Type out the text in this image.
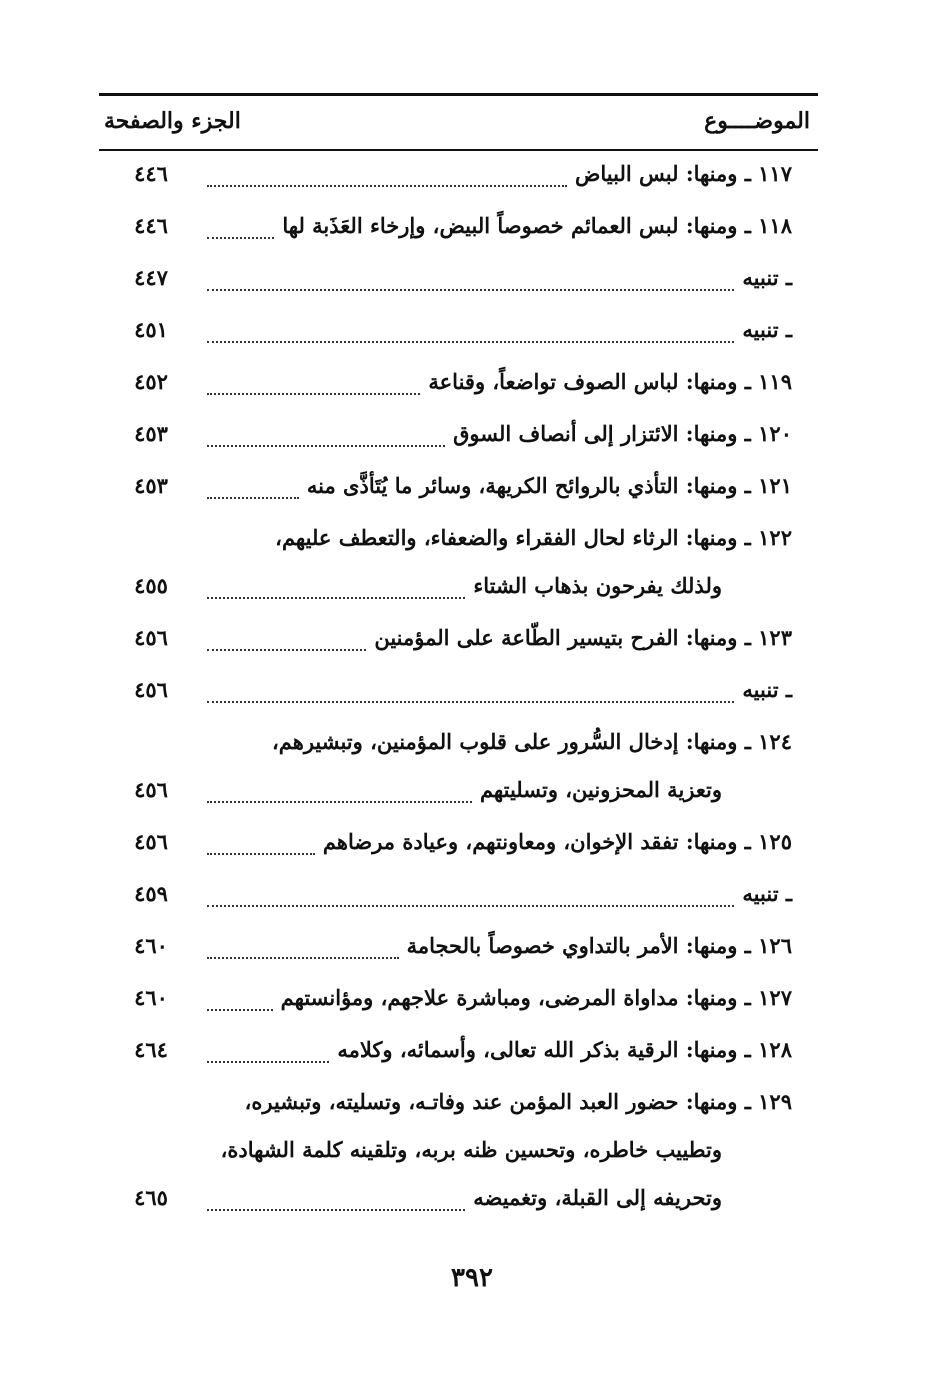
الموضــــوع
الجزء والصفحة
١١٧ ـ ومنها: لبس البياض
٤٤٦
١١٨ ـ ومنها: لبس العمائم خصوصاً البيض، وإرخاء العَذَبة لها
٤٤٦
ـ تنبيه
٤٤٧
ـ تنبيه
٤٥١
١١٩ ـ ومنها: لباس الصوف تواضعاً، وقناعة
٤٥٢
١٢٠ ـ ومنها: الائتزار إلى أنصاف السوق
٤٥٣
١٢١ ـ ومنها: التأذي بالروائح الكريهة، وسائر ما يُتَأذَّى منه
٤٥٣
١٢٢ ـ ومنها: الرثاء لحال الفقراء والضعفاء، والتعطف عليهم،
ولذلك يفرحون بذهاب الشتاء
٤٥٥
١٢٣ ـ ومنها: الفرح بتيسير الطّاعة على المؤمنين
٤٥٦
ـ تنبيه
٤٥٦
١٢٤ ـ ومنها: إدخال السُّرور على قلوب المؤمنين، وتبشيرهم،
وتعزية المحزونين، وتسليتهم
٤٥٦
١٢٥ ـ ومنها: تفقد الإخوان، ومعاونتهم، وعيادة مرضاهم
٤٥٦
ـ تنبيه
٤٥٩
١٢٦ ـ ومنها: الأمر بالتداوي خصوصاً بالحجامة
٤٦٠
١٢٧ ـ ومنها: مداواة المرضى، ومباشرة علاجهم، ومؤانستهم
٤٦٠
١٢٨ ـ ومنها: الرقية بذكر الله تعالى، وأسمائه، وكلامه
٤٦٤
١٢٩ ـ ومنها: حضور العبد المؤمن عند وفاتـه، وتسليته، وتبشيره،
وتطييب خاطره، وتحسين ظنه بربه، وتلقينه كلمة الشهادة،
وتحريفه إلى القبلة، وتغميضه
٤٦٥
٣٩٢
